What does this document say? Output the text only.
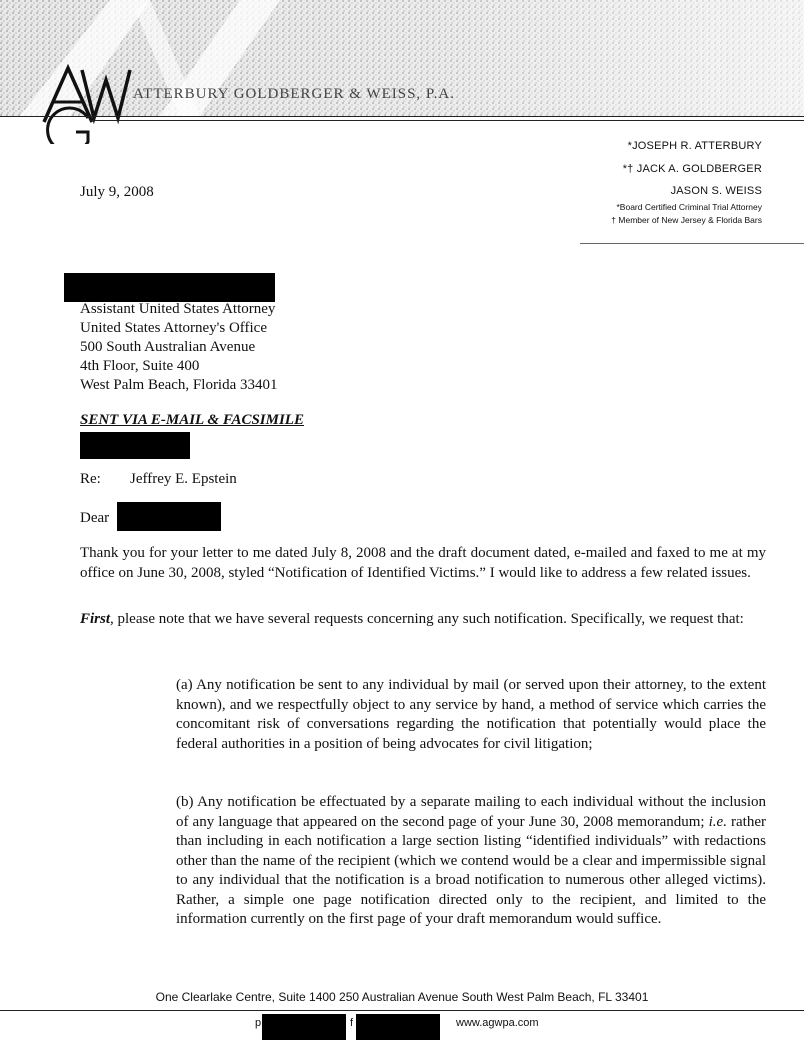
ATTERBURY GOLDBERGER & WEISS, P.A.
*JOSEPH R. ATTERBURY
*† JACK A. GOLDBERGER
JASON S. WEISS
*Board Certified Criminal Trial Attorney
† Member of New Jersey & Florida Bars
July 9, 2008
Assistant United States Attorney
United States Attorney's Office
500 South Australian Avenue
4th Floor, Suite 400
West Palm Beach, Florida 33401
SENT VIA E-MAIL & FACSIMILE
Re: Jeffrey E. Epstein
Dear
Thank you for your letter to me dated July 8, 2008 and the draft document dated, e-mailed and faxed to me at my office on June 30, 2008, styled “Notification of Identified Victims.” I would like to address a few related issues.
First, please note that we have several requests concerning any such notification. Specifically, we request that:
(a) Any notification be sent to any individual by mail (or served upon their attorney, to the extent known), and we respectfully object to any service by hand, a method of service which carries the concomitant risk of conversations regarding the notification that potentially would place the federal authorities in a position of being advocates for civil litigation;
(b) Any notification be effectuated by a separate mailing to each individual without the inclusion of any language that appeared on the second page of your June 30, 2008 memorandum; i.e. rather than including in each notification a large section listing “identified individuals” with redactions other than the name of the recipient (which we contend would be a clear and impermissible signal to any individual that the notification is a broad notification to numerous other alleged victims). Rather, a simple one page notification directed only to the recipient, and limited to the information currently on the first page of your draft memorandum would suffice.
One Clearlake Centre, Suite 1400 250 Australian Avenue South West Palm Beach, FL 33401
p	f	www.agwpa.com
